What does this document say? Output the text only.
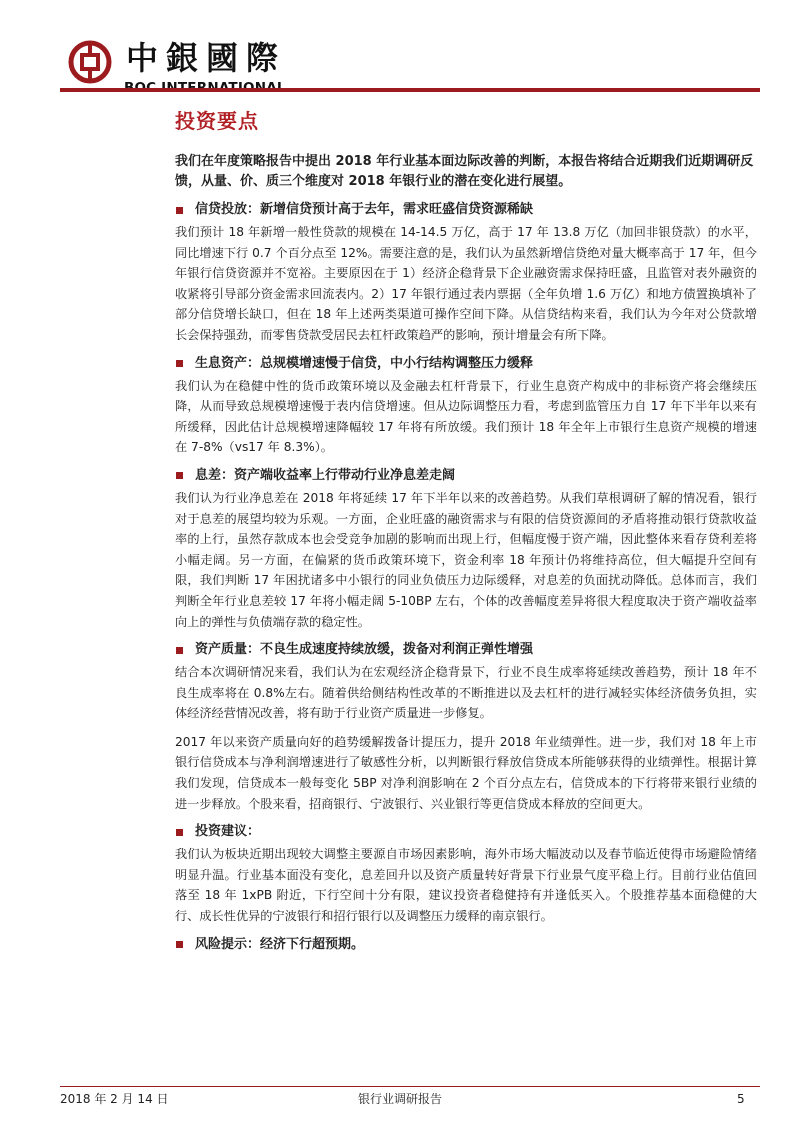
中銀國際
投资要点

我们在年度策略报告中提出 2018 年行业基本面边际改善的判断，本报告将结合近期我们近期调研反馈，从量、价、质三个维度对 2018 年银行业的潜在变化进行展望。

信贷投放：新增信贷预计高于去年，需求旺盛信贷资源稀缺

我们预计 18 年新增一般性贷款的规模在 14-14.5 万亿，高于 17 年 13.8 万亿（加回非银贷款）的水平，同比增速下行 0.7 个百分点至 12%。需要注意的是，我们认为虽然新增信贷绝对量大概率高于 17 年，但今年银行信贷资源并不宽裕。主要原因在于 1）经济企稳背景下企业融资需求保持旺盛，且监管对表外融资的收紧将引导部分资金需求回流表内。2）17 年银行通过表内票据（全年负增 1.6 万亿）和地方债置换填补了部分信贷增长缺口，但在 18 年上述两类渠道可操作空间下降。从信贷结构来看，我们认为今年对公贷款增长会保持强劲，而零售贷款受居民去杠杆政策趋严的影响，预计增量会有所下降。

生息资产：总规模增速慢于信贷，中小行结构调整压力缓释

我们认为在稳健中性的货币政策环境以及金融去杠杆背景下，行业生息资产构成中的非标资产将会继续压降，从而导致总规模增速慢于表内信贷增速。但从边际调整压力看，考虑到监管压力自 17 年下半年以来有所缓释，因此估计总规模增速降幅较 17 年将有所放缓。我们预计 18 年全年上市银行生息资产规模的增速在 7-8%（vs17 年 8.3%）。

息差：资产端收益率上行带动行业净息差走阔

我们认为行业净息差在 2018 年将延续 17 年下半年以来的改善趋势。从我们草根调研了解的情况看，银行对于息差的展望均较为乐观。一方面，企业旺盛的融资需求与有限的信贷资源间的矛盾将推动银行贷款收益率的上行，虽然存款成本也会受竞争加剧的影响而出现上行，但幅度慢于资产端，因此整体来看存贷利差将小幅走阔。另一方面，在偏紧的货币政策环境下，资金利率 18 年预计仍将维持高位，但大幅提升空间有限，我们判断 17 年困扰诸多中小银行的同业负债压力边际缓释，对息差的负面扰动降低。总体而言，我们判断全年行业息差较 17 年将小幅走阔 5-10BP 左右，个体的改善幅度差异将很大程度取决于资产端收益率向上的弹性与负债端存款的稳定性。

资产质量：不良生成速度持续放缓，拨备对利润正弹性增强

结合本次调研情况来看，我们认为在宏观经济企稳背景下，行业不良生成率将延续改善趋势，预计 18 年不良生成率将在 0.8%左右。随着供给侧结构性改革的不断推进以及去杠杆的进行减轻实体经济债务负担，实体经济经营情况改善，将有助于行业资产质量进一步修复。

2017 年以来资产质量向好的趋势缓解拨备计提压力，提升 2018 年业绩弹性。进一步，我们对 18 年上市银行信贷成本与净利润增速进行了敏感性分析，以判断银行释放信贷成本所能够获得的业绩弹性。根据计算我们发现，信贷成本一般每变化 5BP 对净利润影响在 2 个百分点左右，信贷成本的下行将带来银行业绩的进一步释放。个股来看，招商银行、宁波银行、兴业银行等更信贷成本释放的空间更大。

投资建议：

我们认为板块近期出现较大调整主要源自市场因素影响，海外市场大幅波动以及春节临近使得市场避险情绪明显升温。行业基本面没有变化，息差回升以及资产质量转好背景下行业景气度平稳上行。目前行业估值回落至 18 年 1xPB 附近，下行空间十分有限，建议投资者稳健持有并逢低买入。个股推荐基本面稳健的大行、成长性优异的宁波银行和招行银行以及调整压力缓释的南京银行。

风险提示：经济下行超预期。
2018 年 2 月 14 日	银行业调研报告	5
